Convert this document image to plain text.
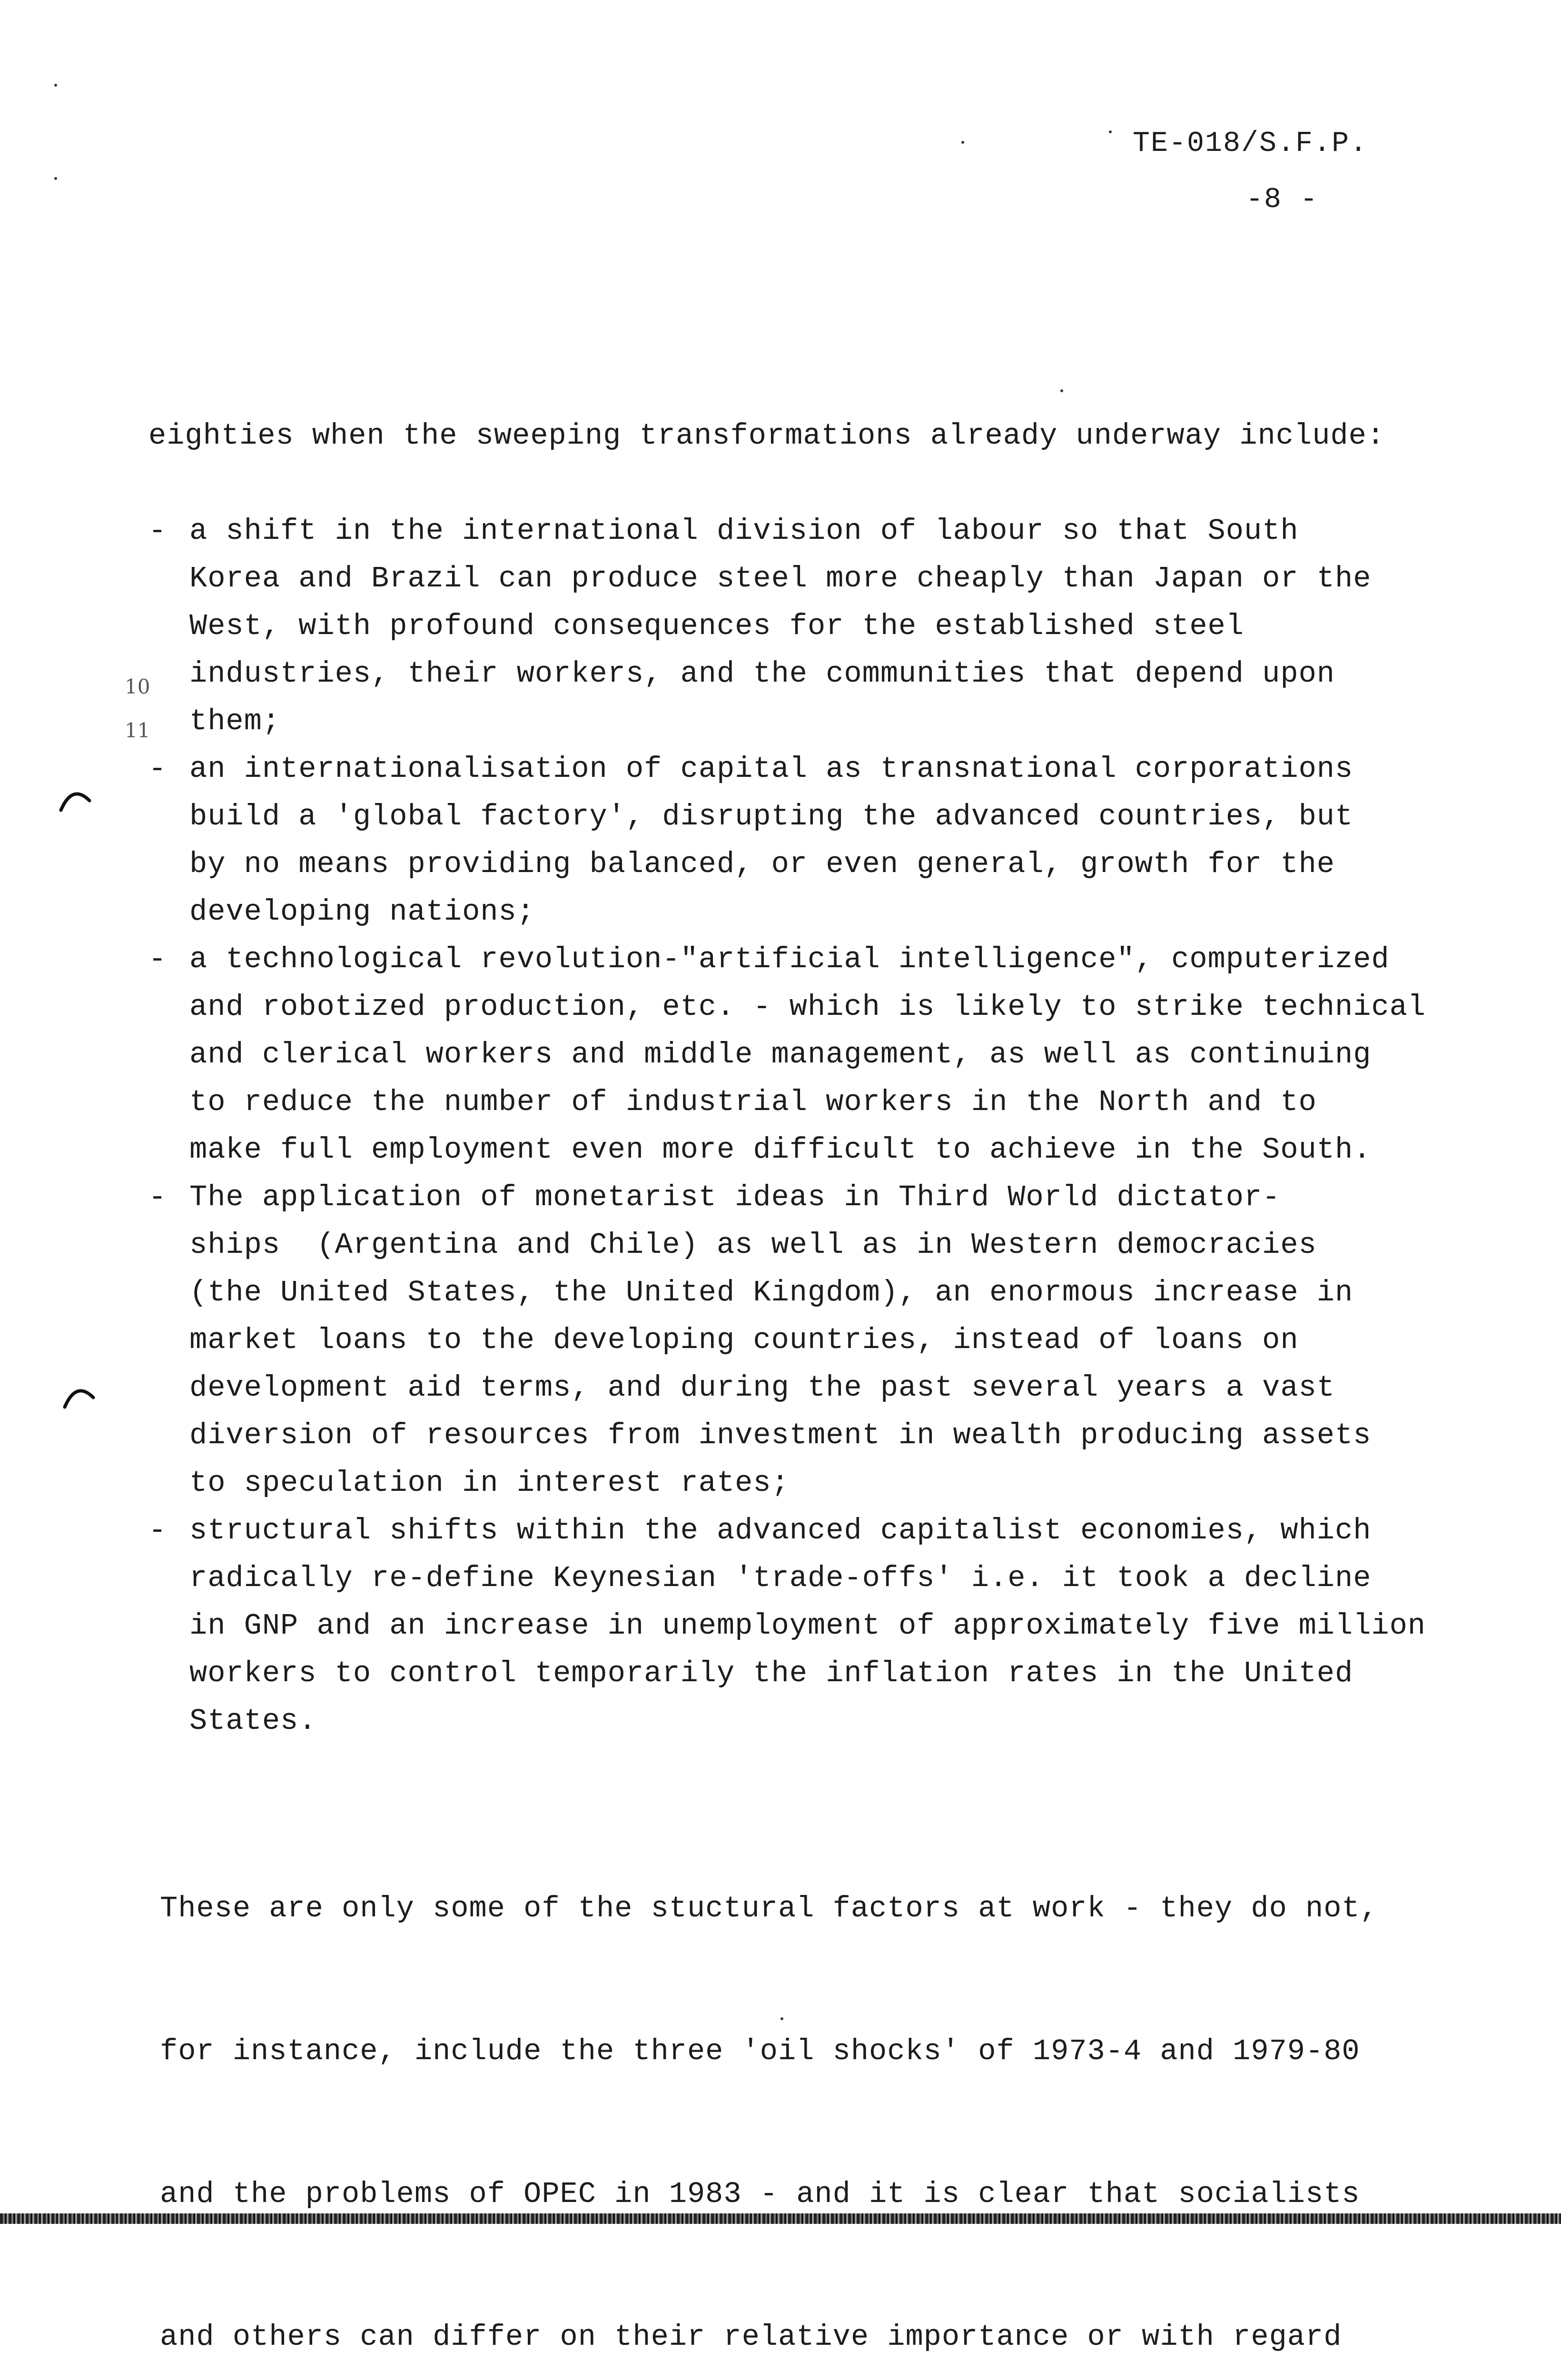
TE-018/S.F.P.
-8 -
eighties when the sweeping transformations already underway include:
- a shift in the international division of labour so that South
Korea and Brazil can produce steel more cheaply than Japan or the
West, with profound consequences for the established steel
industries, their workers, and the communities that depend upon
them;
- an internationalisation of capital as transnational corporations
build a 'global factory', disrupting the advanced countries, but
by no means providing balanced, or even general, growth for the
developing nations;
- a technological revolution-"artificial intelligence", computerized
and robotized production, etc. - which is likely to strike technical
and clerical workers and middle management, as well as continuing
to reduce the number of industrial workers in the North and to
make full employment even more difficult to achieve in the South.
- The application of monetarist ideas in Third World dictator-
ships  (Argentina and Chile) as well as in Western democracies
(the United States, the United Kingdom), an enormous increase in
market loans to the developing countries, instead of loans on
development aid terms, and during the past several years a vast
diversion of resources from investment in wealth producing assets
to speculation in interest rates;
- structural shifts within the advanced capitalist economies, which
radically re-define Keynesian 'trade-offs' i.e. it took a decline
in GNP and an increase in unemployment of approximately five million
workers to control temporarily the inflation rates in the United
States.

These are only some of the stuctural factors at work - they do not,

for instance, include the three 'oil shocks' of 1973-4 and 1979-80

and the problems of OPEC in 1983 - and it is clear that socialists

and others can differ on their relative importance or with regard

10
11
